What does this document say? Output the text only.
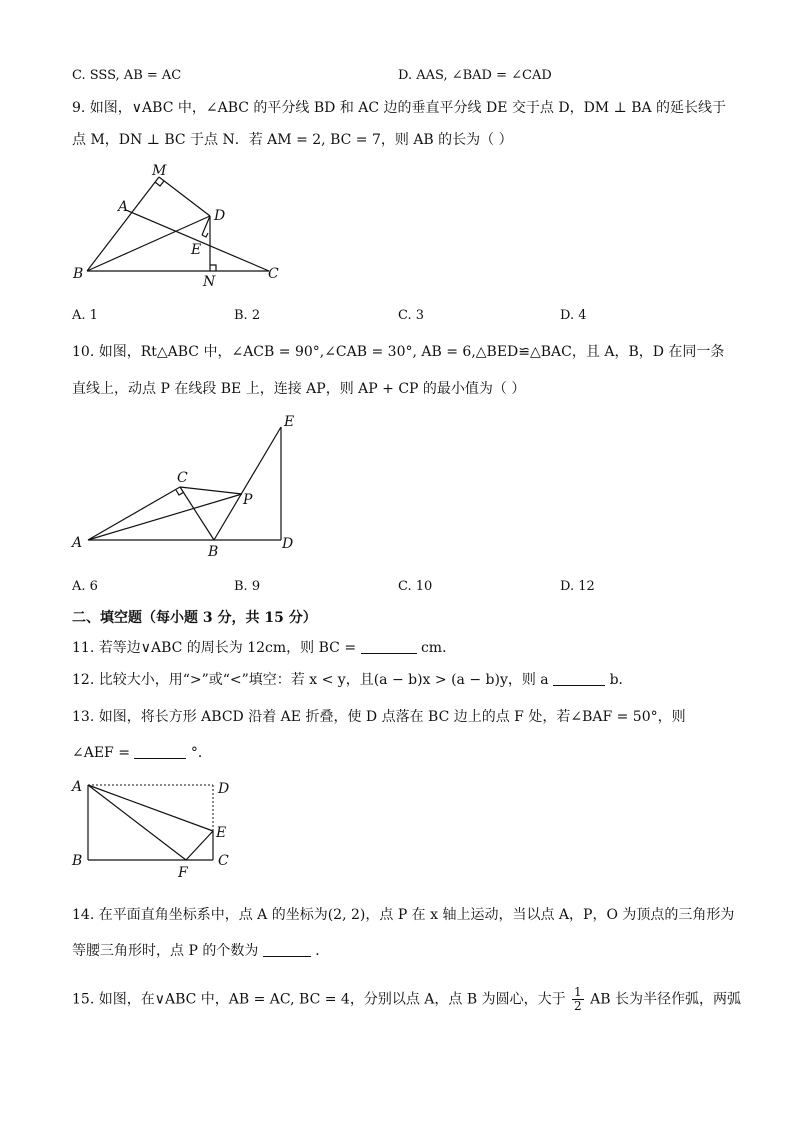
C. SSS, AB = AC	D. AAS, ∠BAD = ∠CAD
9. 如图，∨ABC 中，∠ABC 的平分线 BD 和 AC 边的垂直平分线 DE 交于点 D，DM ⊥ BA 的延长线于
点 M，DN ⊥ BC 于点 N．若 AM = 2, BC = 7，则 AB 的长为（ ）
M
A
D
E
B	N	C
A. 1	B. 2	C. 3	D. 4
10. 如图，Rt△ABC 中，∠ACB = 90°,∠CAB = 30°, AB = 6,△BED≌△BAC，且 A，B，D 在同一条
直线上，动点 P 在线段 BE 上，连接 AP，则 AP + CP 的最小值为（ ）
E
C
P
A
B	D
A. 6	B. 9	C. 10	D. 12
二、填空题（每小题 3 分，共 15 分）
11. 若等边∨ABC 的周长为 12cm，则 BC =	cm．
12. 比较大小，用“>”或“<”填空：若 x < y，且(a − b)x > (a − b)y，则 a	b．
13. 如图，将长方形 ABCD 沿着 AE 折叠，使 D 点落在 BC 边上的点 F 处，若∠BAF = 50°，则
∠AEF =	°．
A	D
E
B
F
C
14. 在平面直角坐标系中，点 A 的坐标为(2, 2)，点 P 在 x 轴上运动，当以点 A，P，O 为顶点的三角形为
等腰三角形时，点 P 的个数为	．
15. 如图，在∨ABC 中，AB = AC, BC = 4，分别以点 A，点 B 为圆心，大于 $\frac{1}{2}$ AB 长为半径作弧，两弧
